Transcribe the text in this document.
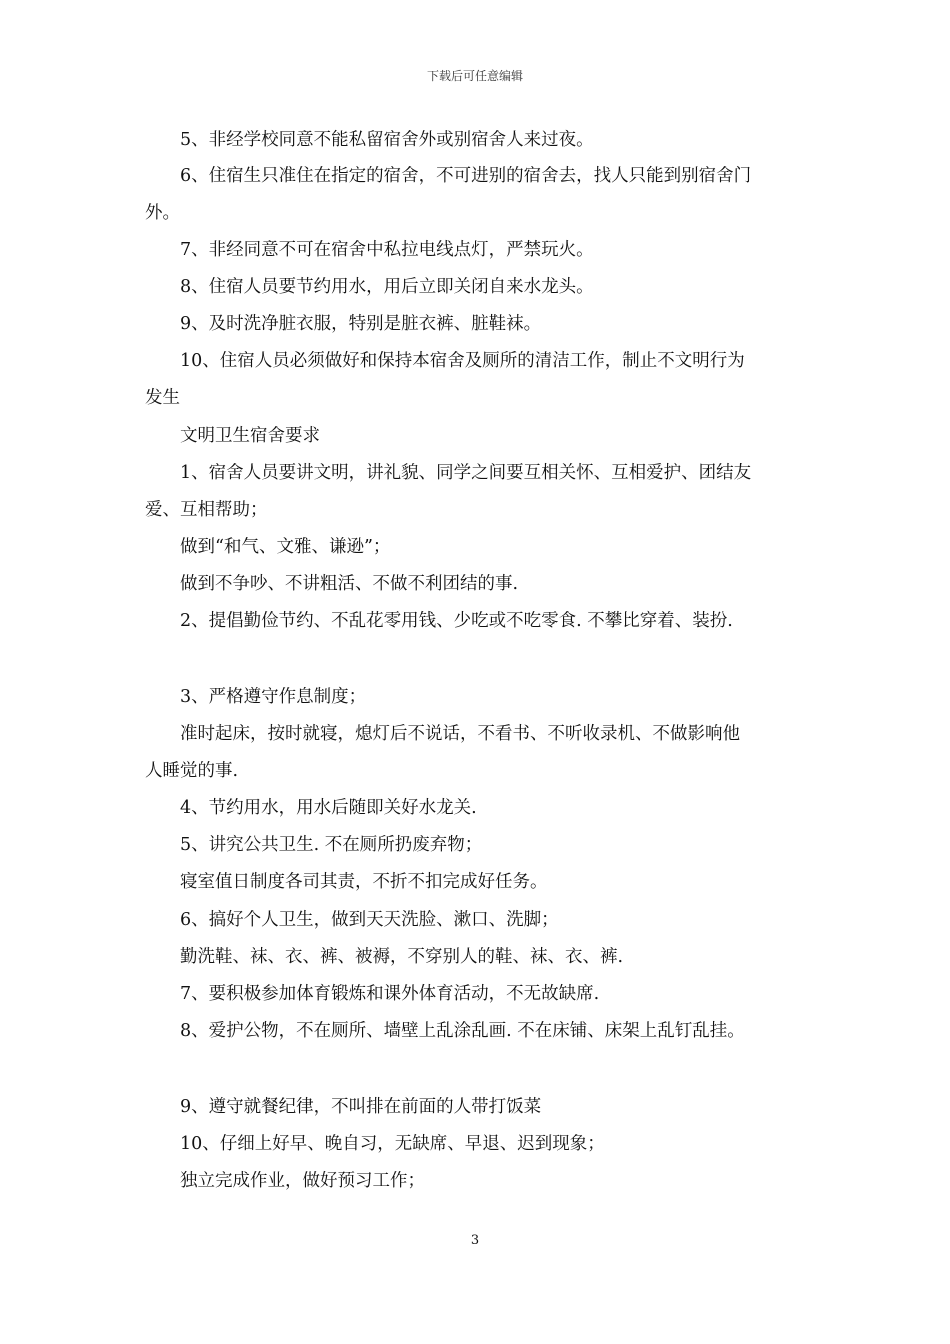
下载后可任意编辑
5、非经学校同意不能私留宿舍外或别宿舍人来过夜。
6、住宿生只准住在指定的宿舍，不可进别的宿舍去，找人只能到别宿舍门
外。
7、非经同意不可在宿舍中私拉电线点灯，严禁玩火。
8、住宿人员要节约用水，用后立即关闭自来水龙头。
9、及时洗净脏衣服，特别是脏衣裤、脏鞋袜。
10、住宿人员必须做好和保持本宿舍及厕所的清洁工作，制止不文明行为
发生
文明卫生宿舍要求
1、宿舍人员要讲文明，讲礼貌、同学之间要互相关怀、互相爱护、团结友
爱、互相帮助；
做到“和气、文雅、谦逊”；
做到不争吵、不讲粗活、不做不利团结的事.
2、提倡勤俭节约、不乱花零用钱、少吃或不吃零食. 不攀比穿着、装扮.
3、严格遵守作息制度；
准时起床，按时就寝，熄灯后不说话，不看书、不听收录机、不做影响他
人睡觉的事.
4、节约用水，用水后随即关好水龙关.
5、讲究公共卫生. 不在厕所扔废弃物；
寝室值日制度各司其责，不折不扣完成好任务。
6、搞好个人卫生，做到天天洗脸、漱口、洗脚；
勤洗鞋、袜、衣、裤、被褥，不穿别人的鞋、袜、衣、裤.
7、要积极参加体育锻炼和课外体育活动，不无故缺席.
8、爱护公物，不在厕所、墙壁上乱涂乱画. 不在床铺、床架上乱钉乱挂。
9、遵守就餐纪律，不叫排在前面的人带打饭菜
10、仔细上好早、晚自习，无缺席、早退、迟到现象；
独立完成作业，做好预习工作；
3
